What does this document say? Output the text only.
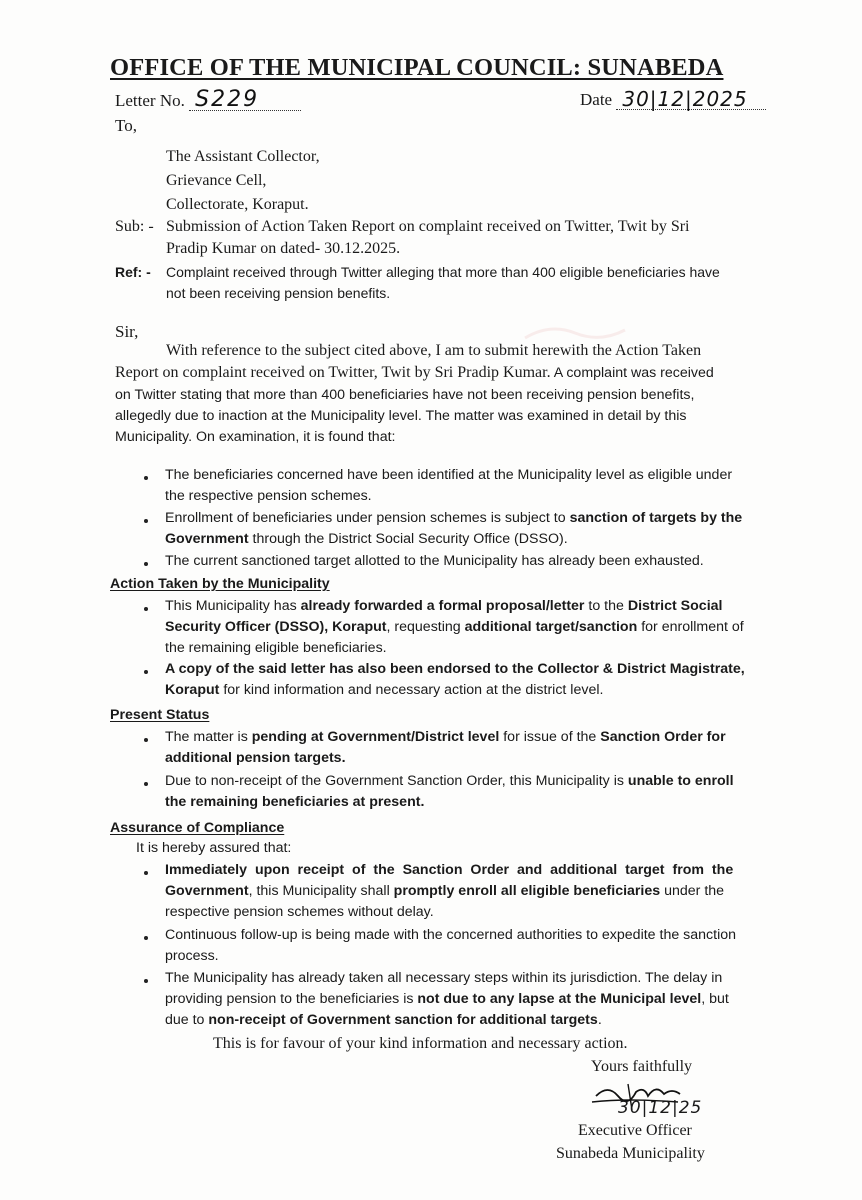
OFFICE OF THE MUNICIPAL COUNCIL: SUNABEDA
Letter No. S229	Date 30|12|2025
To,
The Assistant Collector,
Grievance Cell,
Collectorate, Koraput.
Sub: - Submission of Action Taken Report on complaint received on Twitter, Twit by Sri
Pradip Kumar on dated- 30.12.2025.
Ref: - Complaint received through Twitter alleging that more than 400 eligible beneficiaries have
not been receiving pension benefits.
Sir,
With reference to the subject cited above, I am to submit herewith the Action Taken
Report on complaint received on Twitter, Twit by Sri Pradip Kumar. A complaint was received
on Twitter stating that more than 400 beneficiaries have not been receiving pension benefits,
allegedly due to inaction at the Municipality level. The matter was examined in detail by this
Municipality. On examination, it is found that:
The beneficiaries concerned have been identified at the Municipality level as eligible under
the respective pension schemes.
Enrollment of beneficiaries under pension schemes is subject to sanction of targets by the
Government through the District Social Security Office (DSSO).
The current sanctioned target allotted to the Municipality has already been exhausted.
Action Taken by the Municipality
This Municipality has already forwarded a formal proposal/letter to the District Social
Security Officer (DSSO), Koraput, requesting additional target/sanction for enrollment of
the remaining eligible beneficiaries.
A copy of the said letter has also been endorsed to the Collector & District Magistrate,
Koraput for kind information and necessary action at the district level.
Present Status
The matter is pending at Government/District level for issue of the Sanction Order for
additional pension targets.
Due to non-receipt of the Government Sanction Order, this Municipality is unable to enroll
the remaining beneficiaries at present.
Assurance of Compliance
It is hereby assured that:
Immediately upon receipt of the Sanction Order and additional target from the
Government, this Municipality shall promptly enroll all eligible beneficiaries under the
respective pension schemes without delay.
Continuous follow-up is being made with the concerned authorities to expedite the sanction
process.
The Municipality has already taken all necessary steps within its jurisdiction. The delay in
providing pension to the beneficiaries is not due to any lapse at the Municipal level, but
due to non-receipt of Government sanction for additional targets.
This is for favour of your kind information and necessary action.
Yours faithfully
30|12|25
Executive Officer
Sunabeda Municipality
